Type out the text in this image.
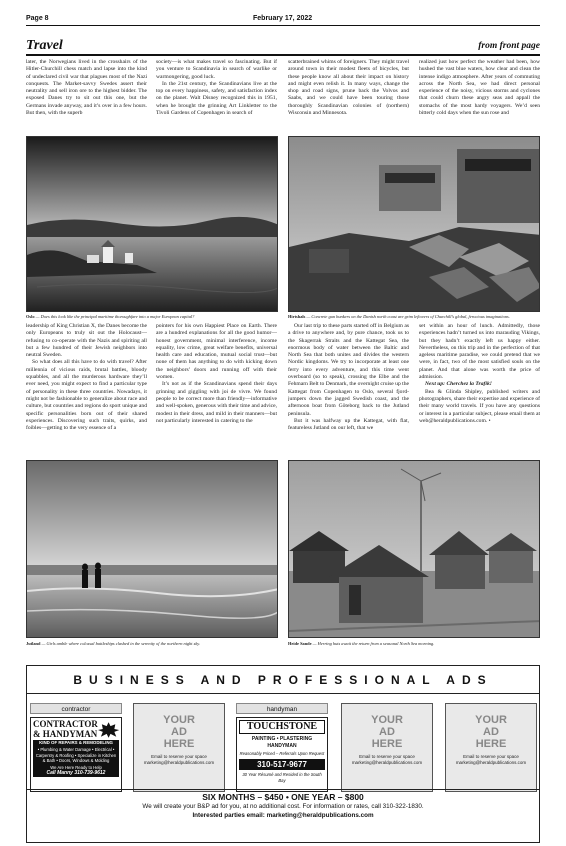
Page 8	February 17, 2022
Travel	from front page

later, the Norwegians lived in the crosshairs of the Hitler-Churchill chess match and lapse into the kind of undeclared civil war that plagues most of the Nazi conquests. The Market-savvy Swedes assert their neutrality and sell iron ore to the highest bidder. The exposed Danes try to sit out this one, but the Germans invade anyway, and it’s over in a few hours. But then, with the superb

society—is what makes travel so fascinating. But if you venture to Scandinavia in search of warlike or warmongering, good luck.

In the 21st century, the Scandinavians live at the top on every happiness, safety, and satisfaction index on the planet. Walt Disney recognized this in 1951, when he brought the grinning Art Linkletter to the Tivoli Gardens of Copenhagen in search of

scatterbrained whims of foreigners. They might travel around town in their modest fleets of bicycles, but these people know all about their impact on history and might even relish it. In many ways, change the shop and road signs, prune back the Volvos and Saabs, and we could have been touring those thoroughly Scandinavian colonies of (northern) Wisconsin and Minnesota.

realized just how perfect the weather had been, how hushed the vast blue waters, how clear and clean the intense indigo atmosphere. After years of commuting across the North Sea, we had direct personal experience of the noisy, vicious storms and cyclones that could churn these angry seas and appall the stomachs of the most hardy voyagers. We’d seen bitterly cold days when the sun rose and

Oslo — Does this look like the principal maritime thoroughfare into a major European capital?	Hirtshals — Concrete gun bunkers on the Danish north coast are grim leftovers of Churchill’s global, ferocious imaginations.

leadership of King Christian X, the Danes become the only Europeans to truly sit out the Holocaust—refusing to co-operate with the Nazis and spiriting all but a few hundred of their Jewish neighbors into neutral Sweden.

So what does all this have to do with travel? After millennia of vicious raids, brutal battles, bloody squabbles, and all the murderous hardware they’ll ever need, you might expect to find a particular type of personality in these three countries. Nowadays, it might not be fashionable to generalize about race and culture, but countries and regions do sport unique and specific personalities born out of their shared experiences. Discovering such traits, quirks, and foibles—getting to the very essence of a

pointers for his own Happiest Place on Earth. There are a hundred explanations for all the good humor—honest government, minimal interference, income equality, low crime, great welfare benefits, universal health care and education, mutual social trust—but none of them has anything to do with kicking down the neighbors’ doors and running off with their women.

It’s not as if the Scandinavians spend their days grinning and giggling with joi de vivre. We found people to be correct more than friendly—informative and well-spoken, generous with their time and advice, modest in their dress, and mild in their manners—but not particularly interested in catering to the

Our last trip to these parts started off in Belgium as a drive to anywhere and, by pure chance, took us to the Skagerrak Straits and the Kattegat Sea, the enormous body of water between the Baltic and North Sea that both unites and divides the western Nordic kingdoms. We try to incorporate at least one ferry into every adventure, and this time went overboard (so to speak), crossing the Elbe and the Fehmarn Belt to Denmark, the overnight cruise up the Kattegat from Copenhagen to Oslo, several fjord-jumpers down the jagged Swedish coast, and the afternoon boat from Göteborg back to the Jutland peninsula.

But it was halfway up the Kattegat, with flat, featureless Jutland on our left, that we

set within an hour of lunch. Admittedly, those experiences hadn’t turned us into marauding Vikings, but they hadn’t exactly left us happy either. Nevertheless, on this trip and in the perfection of that ageless maritime paradise, we could pretend that we were, in fact, two of the most satisfied souls on the planet. And that alone was worth the price of admission.

Next up: Cherchez la Trafik!

Bea & Glinda Shipley, published writers and photographers, share their expertise and experience of their many world travels. If you have any questions or interest in a particular subject, please email them at web@heraldpublications.com. •

Jutland — Girls amble where colossal battleships clashed in the serenity of the northern night sky.	Heide Sande — Herring huts await the return from a seasonal North Sea morning.
BUSINESS AND PROFESSIONAL ADS
contractor	handyman
CONTRACTOR
& HANDYMAN
KIND OF REPAIRS & REMODELING
• Plumbing & Water Damage • Electrical • Carpentry & Roofing • Specialize in Kitchen & Bath • Doors, Windows & Molding
We Are Here Ready to Help
Call Manny 310-739-9612
YOUR
AD
HERE
Email to reserve your space marketing@heraldpublications.com
TOUCHSTONE
PAINTING • PLASTERING HANDYMAN
Reasonably Priced – Referrals Upon Request
310-517-9677
30 Year Résumé and Resided in the South Bay
YOUR
AD
HERE
Email to reserve your space marketing@heraldpublications.com
YOUR
AD
HERE
Email to reserve your space marketing@heraldpublications.com
SIX MONTHS – $450 • ONE YEAR – $800
We will create your B&P ad for you, at no additional cost. For information or rates, call 310-322-1830.
Interested parties email: marketing@heraldpublications.com
